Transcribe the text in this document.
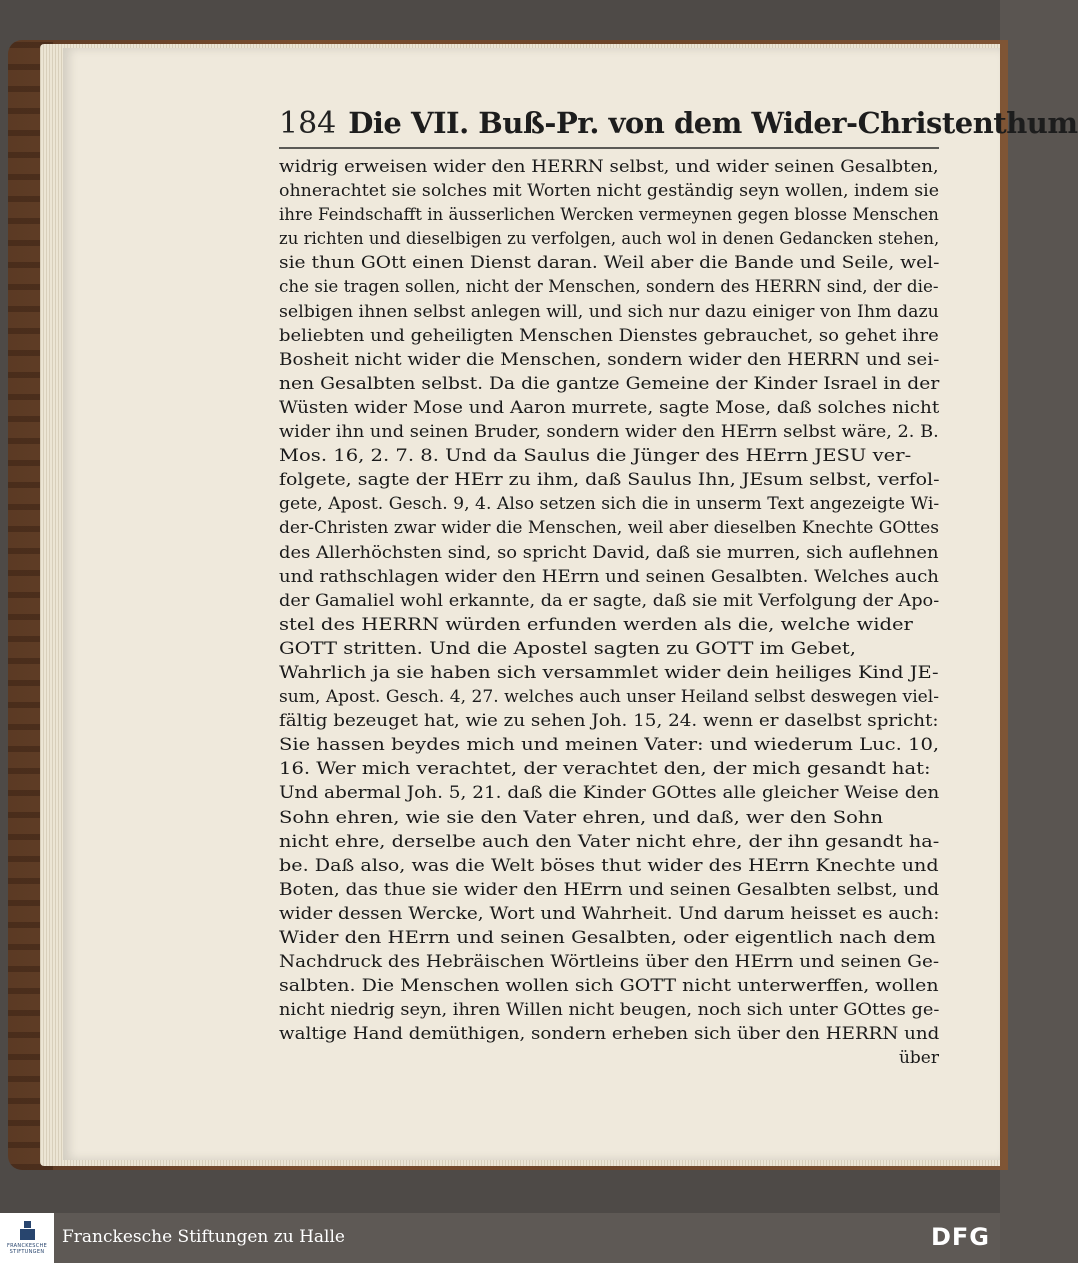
184 Die VII. Buß-Pr. von dem Wider-Christenthum
widrig erweisen wider den HERRN selbst, und wider seinen Gesalbten,
ohnerachtet sie solches mit Worten nicht geständig seyn wollen, indem sie
ihre Feindschafft in äusserlichen Wercken vermeynen gegen blosse Menschen
zu richten und dieselbigen zu verfolgen, auch wol in denen Gedancken stehen,
sie thun GOtt einen Dienst daran. Weil aber die Bande und Seile, wel-
che sie tragen sollen, nicht der Menschen, sondern des HERRN sind, der die-
selbigen ihnen selbst anlegen will, und sich nur dazu einiger von Ihm dazu
beliebten und geheiligten Menschen Dienstes gebrauchet, so gehet ihre
Bosheit nicht wider die Menschen, sondern wider den HERRN und sei-
nen Gesalbten selbst. Da die gantze Gemeine der Kinder Israel in der
Wüsten wider Mose und Aaron murrete, sagte Mose, daß solches nicht
wider ihn und seinen Bruder, sondern wider den HErrn selbst wäre, 2. B.
Mos. 16, 2. 7. 8. Und da Saulus die Jünger des HErrn JESU ver-
folgete, sagte der HErr zu ihm, daß Saulus Ihn, JEsum selbst, verfol-
gete, Apost. Gesch. 9, 4. Also setzen sich die in unserm Text angezeigte Wi-
der-Christen zwar wider die Menschen, weil aber dieselben Knechte GOttes
des Allerhöchsten sind, so spricht David, daß sie murren, sich auflehnen
und rathschlagen wider den HErrn und seinen Gesalbten. Welches auch
der Gamaliel wohl erkannte, da er sagte, daß sie mit Verfolgung der Apo-
stel des HERRN würden erfunden werden als die, welche wider
GOTT stritten. Und die Apostel sagten zu GOTT im Gebet,
Wahrlich ja sie haben sich versammlet wider dein heiliges Kind JE-
sum, Apost. Gesch. 4, 27. welches auch unser Heiland selbst deswegen viel-
fältig bezeuget hat, wie zu sehen Joh. 15, 24. wenn er daselbst spricht:
Sie hassen beydes mich und meinen Vater: und wiederum Luc. 10,
16. Wer mich verachtet, der verachtet den, der mich gesandt hat:
Und abermal Joh. 5, 21. daß die Kinder GOttes alle gleicher Weise den
Sohn ehren, wie sie den Vater ehren, und daß, wer den Sohn
nicht ehre, derselbe auch den Vater nicht ehre, der ihn gesandt ha-
be. Daß also, was die Welt böses thut wider des HErrn Knechte und
Boten, das thue sie wider den HErrn und seinen Gesalbten selbst, und
wider dessen Wercke, Wort und Wahrheit. Und darum heisset es auch:
Wider den HErrn und seinen Gesalbten, oder eigentlich nach dem
Nachdruck des Hebräischen Wörtleins über den HErrn und seinen Ge-
salbten. Die Menschen wollen sich GOTT nicht unterwerffen, wollen
nicht niedrig seyn, ihren Willen nicht beugen, noch sich unter GOttes ge-
waltige Hand demüthigen, sondern erheben sich über den HERRN und
über
FRANCKESCHE
STIFTUNGEN
Franckesche Stiftungen zu Halle	DFG
